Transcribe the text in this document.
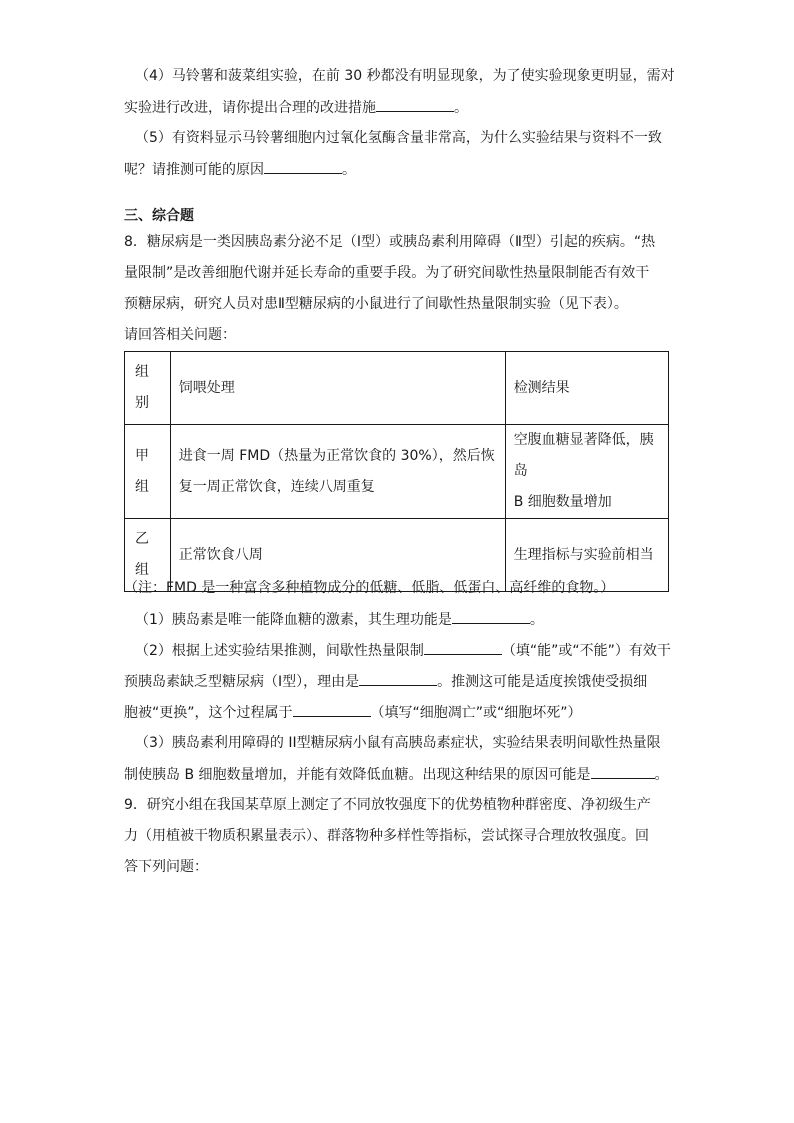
（4）马铃薯和菠菜组实验，在前 30 秒都没有明显现象，为了使实验现象更明显，需对
实验进行改进，请你提出合理的改进措施	。
（5）有资料显示马铃薯细胞内过氧化氢酶含量非常高，为什么实验结果与资料不一致
呢？请推测可能的原因	。
三、综合题
8．糖尿病是一类因胰岛素分泌不足（Ⅰ型）或胰岛素利用障碍（Ⅱ型）引起的疾病。“热
量限制”是改善细胞代谢并延长寿命的重要手段。为了研究间歇性热量限制能否有效干
预糖尿病，研究人员对患Ⅱ型糖尿病的小鼠进行了间歇性热量限制实验（见下表）。
请回答相关问题：
组
别	饲喂处理	检测结果

甲
组	进食一周 FMD（热量为正常饮食的 30%），然后恢
复一周正常饮食，连续八周重复	空腹血糖显著降低，胰岛
B 细胞数量增加

乙
组	正常饮食八周	生理指标与实验前相当
（注：FMD 是一种富含多种植物成分的低糖、低脂、低蛋白、高纤维的食物。）
（1）胰岛素是唯一能降血糖的激素，其生理功能是	。
（2）根据上述实验结果推测，间歇性热量限制	（填“能”或“不能”）有效干
预胰岛素缺乏型糖尿病（Ⅰ型），理由是	。推测这可能是适度挨饿使受损细
胞被“更换”，这个过程属于	（填写“细胞凋亡”或“细胞坏死”）
（3）胰岛素利用障碍的 II型糖尿病小鼠有高胰岛素症状，实验结果表明间歇性热量限
制使胰岛 B 细胞数量增加，并能有效降低血糖。出现这种结果的原因可能是	。
9．研究小组在我国某草原上测定了不同放牧强度下的优势植物种群密度、净初级生产
力（用植被干物质积累量表示）、群落物种多样性等指标，尝试探寻合理放牧强度。回
答下列问题：
